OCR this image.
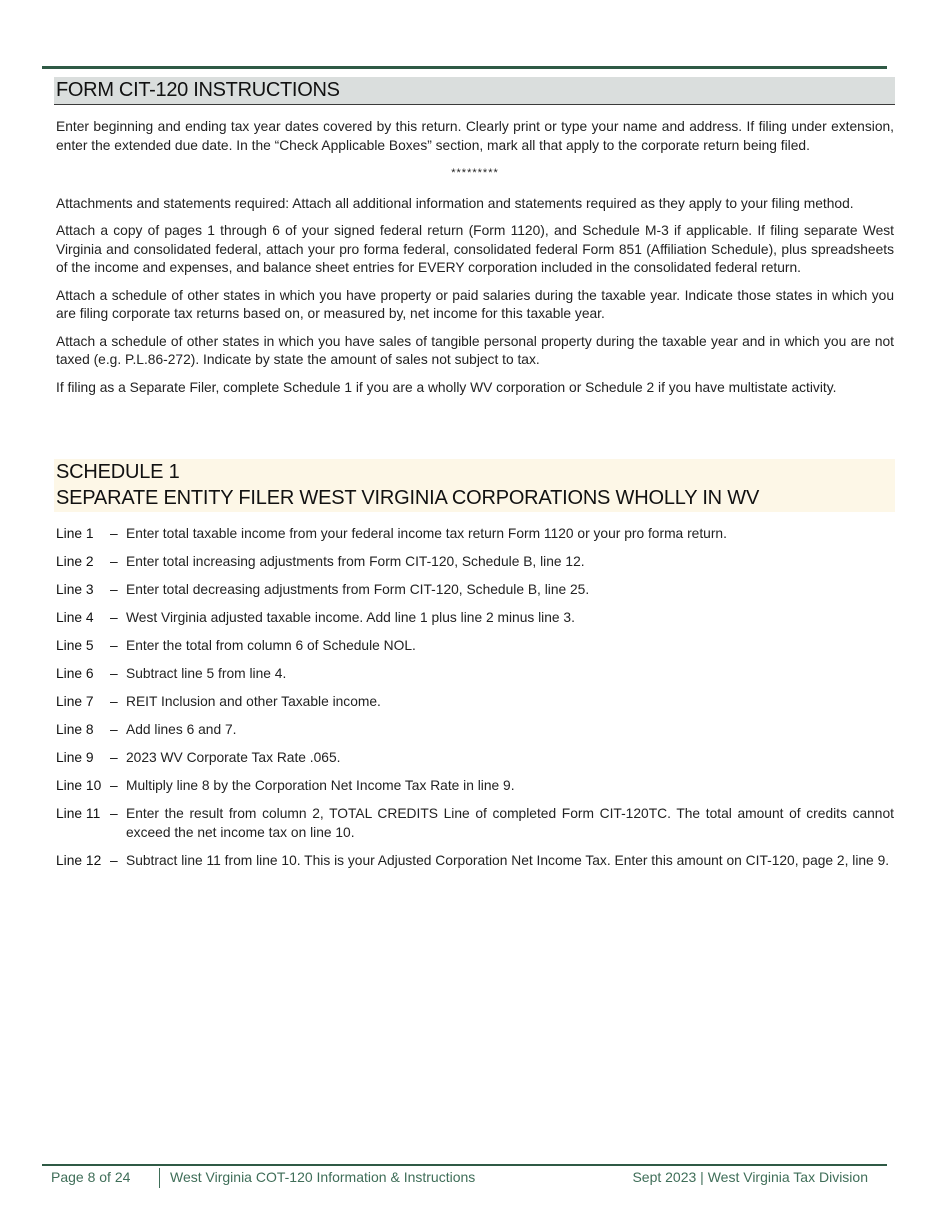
FORM CIT-120 INSTRUCTIONS

Enter beginning and ending tax year dates covered by this return. Clearly print or type your name and address. If filing under extension, enter the extended due date. In the “Check Applicable Boxes” section, mark all that apply to the corporate return being filed.

*********

Attachments and statements required: Attach all additional information and statements required as they apply to your filing method.

Attach a copy of pages 1 through 6 of your signed federal return (Form 1120), and Schedule M-3 if applicable. If filing separate West Virginia and consolidated federal, attach your pro forma federal, consolidated federal Form 851 (Affiliation Schedule), plus spreadsheets of the income and expenses, and balance sheet entries for EVERY corporation included in the consolidated federal return.

Attach a schedule of other states in which you have property or paid salaries during the taxable year. Indicate those states in which you are filing corporate tax returns based on, or measured by, net income for this taxable year.

Attach a schedule of other states in which you have sales of tangible personal property during the taxable year and in which you are not taxed (e.g. P.L.86-272). Indicate by state the amount of sales not subject to tax.

If filing as a Separate Filer, complete Schedule 1 if you are a wholly WV corporation or Schedule 2 if you have multistate activity.

SCHEDULE 1
SEPARATE ENTITY FILER WEST VIRGINIA CORPORATIONS WHOLLY IN WV
Line 1	– Enter total taxable income from your federal income tax return Form 1120 or your pro forma return.
Line 2	– Enter total increasing adjustments from Form CIT-120, Schedule B, line 12.
Line 3	– Enter total decreasing adjustments from Form CIT-120, Schedule B, line 25.
Line 4	– West Virginia adjusted taxable income. Add line 1 plus line 2 minus line 3.
Line 5	– Enter the total from column 6 of Schedule NOL.
Line 6	– Subtract line 5 from line 4.
Line 7	– REIT Inclusion and other Taxable income.
Line 8	– Add lines 6 and 7.
Line 9	– 2023 WV Corporate Tax Rate .065.
Line 10 – Multiply line 8 by the Corporation Net Income Tax Rate in line 9.
Line 11 – Enter the result from column 2, TOTAL CREDITS Line of completed Form CIT-120TC. The total amount of credits cannot exceed the net income tax on line 10.
Line 12 – Subtract line 11 from line 10. This is your Adjusted Corporation Net Income Tax. Enter this amount on CIT-120, page 2, line 9.
Page 8 of 24	West Virginia COT-120 Information & Instructions	Sept 2023 | West Virginia Tax Division
